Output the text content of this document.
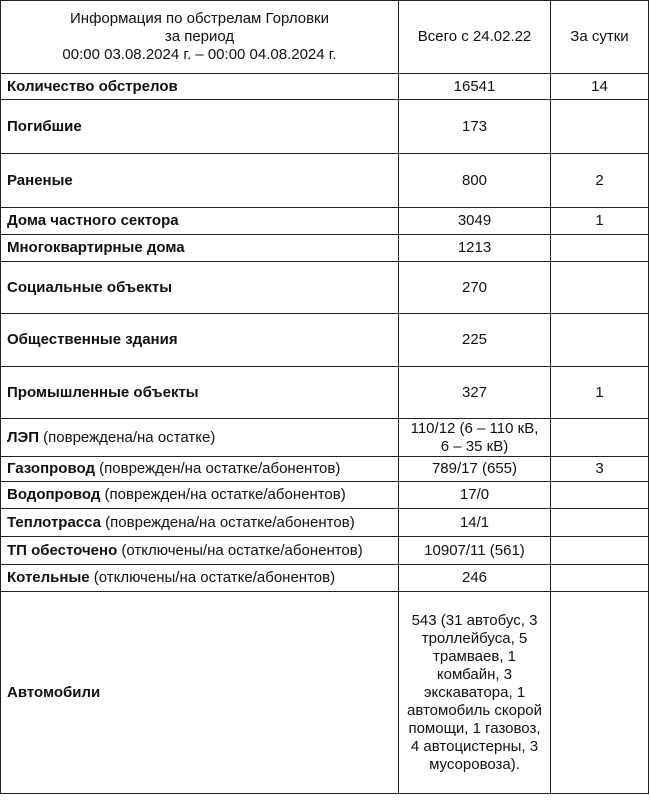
Информация по обстрелам Горловки
за период
00:00 03.08.2024 г. – 00:00 04.08.2024 г.	Всего с 24.02.22	За сутки
Количество обстрелов	16541	14
Погибшие	173	
Раненые	800	2
Дома частного сектора	3049	1
Многоквартирные дома	1213	
Социальные объекты	270	
Общественные здания	225	
Промышленные объекты	327	1
ЛЭП (повреждена/на остатке)	110/12 (6 – 110 кВ, 6 – 35 кВ)	
Газопровод (поврежден/на остатке/абонентов)	789/17 (655)	3
Водопровод (поврежден/на остатке/абонентов)	17/0	
Теплотрасса (повреждена/на остатке/абонентов)	14/1	
ТП обесточено (отключены/на остатке/абонентов)	10907/11 (561)	
Котельные (отключены/на остатке/абонентов)	246	
Автомобили	543 (31 автобус, 3 троллейбуса, 5 трамваев, 1 комбайн, 3 экскаватора, 1 автомобиль скорой помощи, 1 газовоз, 4 автоцистерны, 3 мусоровоза).	
